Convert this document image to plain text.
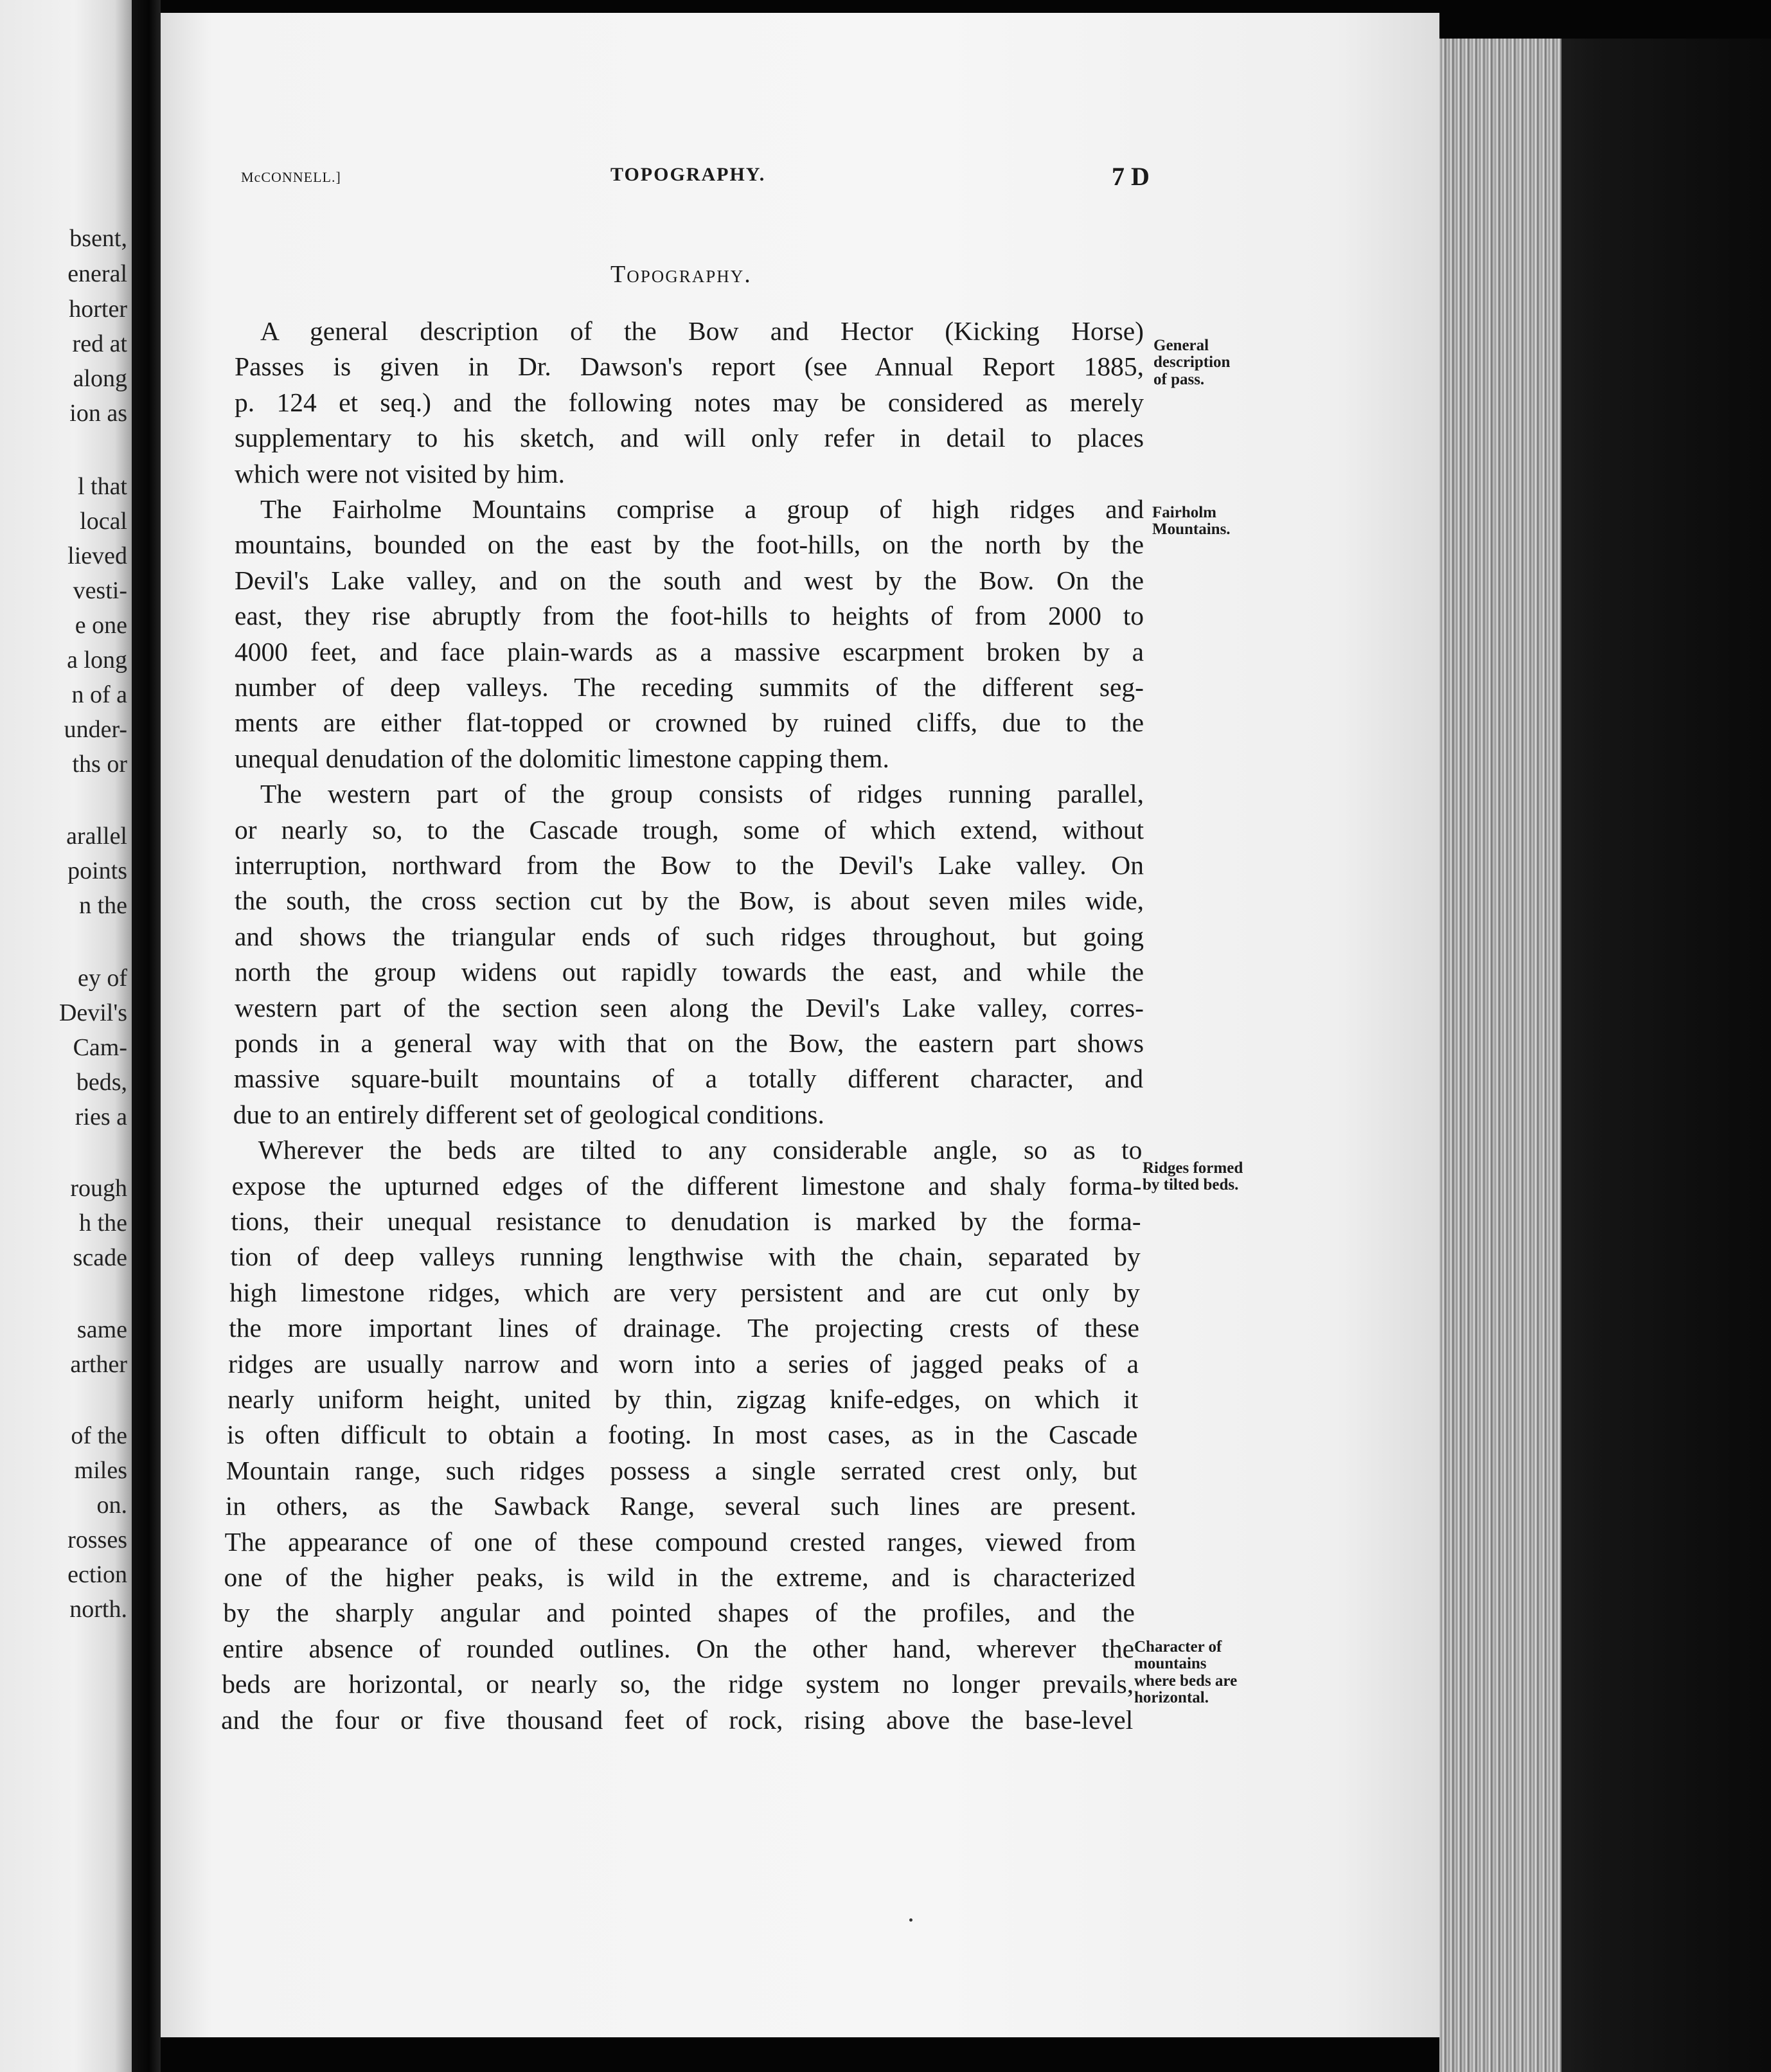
bsent,
eneral
horter
red at
along
ion as
l that
local
lieved
vesti-
e one
a long
n of a
under-
ths or
arallel
points
n the
ey of
Devil's
Cam-
beds,
ries a
rough
h the
scade
same
arther
of the
miles
on.
rosses
ection
north.
McCONNELL.]	TOPOGRAPHY.	7 D
Topography.
A general description of the Bow and Hector (Kicking Horse)
Passes is given in Dr. Dawson's report (see Annual Report 1885,
p. 124 et seq.) and the following notes may be considered as merely
supplementary to his sketch, and will only refer in detail to places
which were not visited by him.
The Fairholme Mountains comprise a group of high ridges and
mountains, bounded on the east by the foot-hills, on the north by the
Devil's Lake valley, and on the south and west by the Bow. On the
east, they rise abruptly from the foot-hills to heights of from 2000 to
4000 feet, and face plain-wards as a massive escarpment broken by a
number of deep valleys. The receding summits of the different seg-
ments are either flat-topped or crowned by ruined cliffs, due to the
unequal denudation of the dolomitic limestone capping them.
The western part of the group consists of ridges running parallel,
or nearly so, to the Cascade trough, some of which extend, without
interruption, northward from the Bow to the Devil's Lake valley. On
the south, the cross section cut by the Bow, is about seven miles wide,
and shows the triangular ends of such ridges throughout, but going
north the group widens out rapidly towards the east, and while the
western part of the section seen along the Devil's Lake valley, corres-
ponds in a general way with that on the Bow, the eastern part shows
massive square-built mountains of a totally different character, and
due to an entirely different set of geological conditions.
Wherever the beds are tilted to any considerable angle, so as to
expose the upturned edges of the different limestone and shaly forma-
tions, their unequal resistance to denudation is marked by the forma-
tion of deep valleys running lengthwise with the chain, separated by
high limestone ridges, which are very persistent and are cut only by
the more important lines of drainage. The projecting crests of these
ridges are usually narrow and worn into a series of jagged peaks of a
nearly uniform height, united by thin, zigzag knife-edges, on which it
is often difficult to obtain a footing. In most cases, as in the Cascade
Mountain range, such ridges possess a single serrated crest only, but
in others, as the Sawback Range, several such lines are present.
The appearance of one of these compound crested ranges, viewed from
one of the higher peaks, is wild in the extreme, and is characterized
by the sharply angular and pointed shapes of the profiles, and the
entire absence of rounded outlines. On the other hand, wherever the
beds are horizontal, or nearly so, the ridge system no longer prevails,
and the four or five thousand feet of rock, rising above the base-level
General
description
of pass.
Fairholm
Mountains.
Ridges formed
by tilted beds.
Character of
mountains
where beds are
horizontal.
